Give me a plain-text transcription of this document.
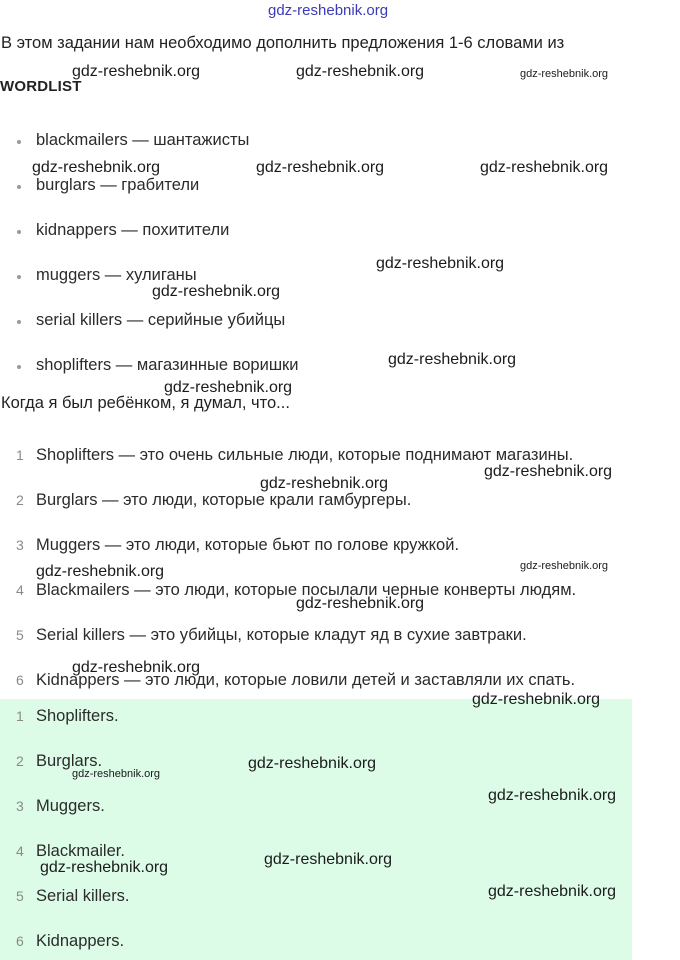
gdz-reshebnik.org
В этом задании нам необходимо дополнить предложения 1-6 словами из
WORDLIST
blackmailers — шантажисты
burglars — грабители
kidnappers — похитители
muggers — хулиганы
serial killers — серийные убийцы
shoplifters — магазинные воришки
Когда я был ребёнком, я думал, что...
1 Shoplifters — это очень сильные люди, которые поднимают магазины.
2 Burglars — это люди, которые крали гамбургеры.
3 Muggers — это люди, которые бьют по голове кружкой.
4 Blackmailers — это люди, которые посылали черные конверты людям.
5 Serial killers — это убийцы, которые кладут яд в сухие завтраки.
6 Kidnappers — это люди, которые ловили детей и заставляли их спать.
1 Shoplifters.
2 Burglars.
3 Muggers.
4 Blackmailer.
5 Serial killers.
6 Kidnappers.
gdz-reshebnik.org	gdz-reshebnik.org	gdz-reshebnik.org
gdz-reshebnik.org	gdz-reshebnik.org	gdz-reshebnik.org
gdz-reshebnik.org
gdz-reshebnik.org
gdz-reshebnik.org
gdz-reshebnik.org
gdz-reshebnik.org
gdz-reshebnik.org
gdz-reshebnik.org
gdz-reshebnik.org
gdz-reshebnik.org
gdz-reshebnik.org
gdz-reshebnik.org
gdz-reshebnik.org
gdz-reshebnik.org
gdz-reshebnik.org
gdz-reshebnik.org
gdz-reshebnik.org
gdz-reshebnik.org
